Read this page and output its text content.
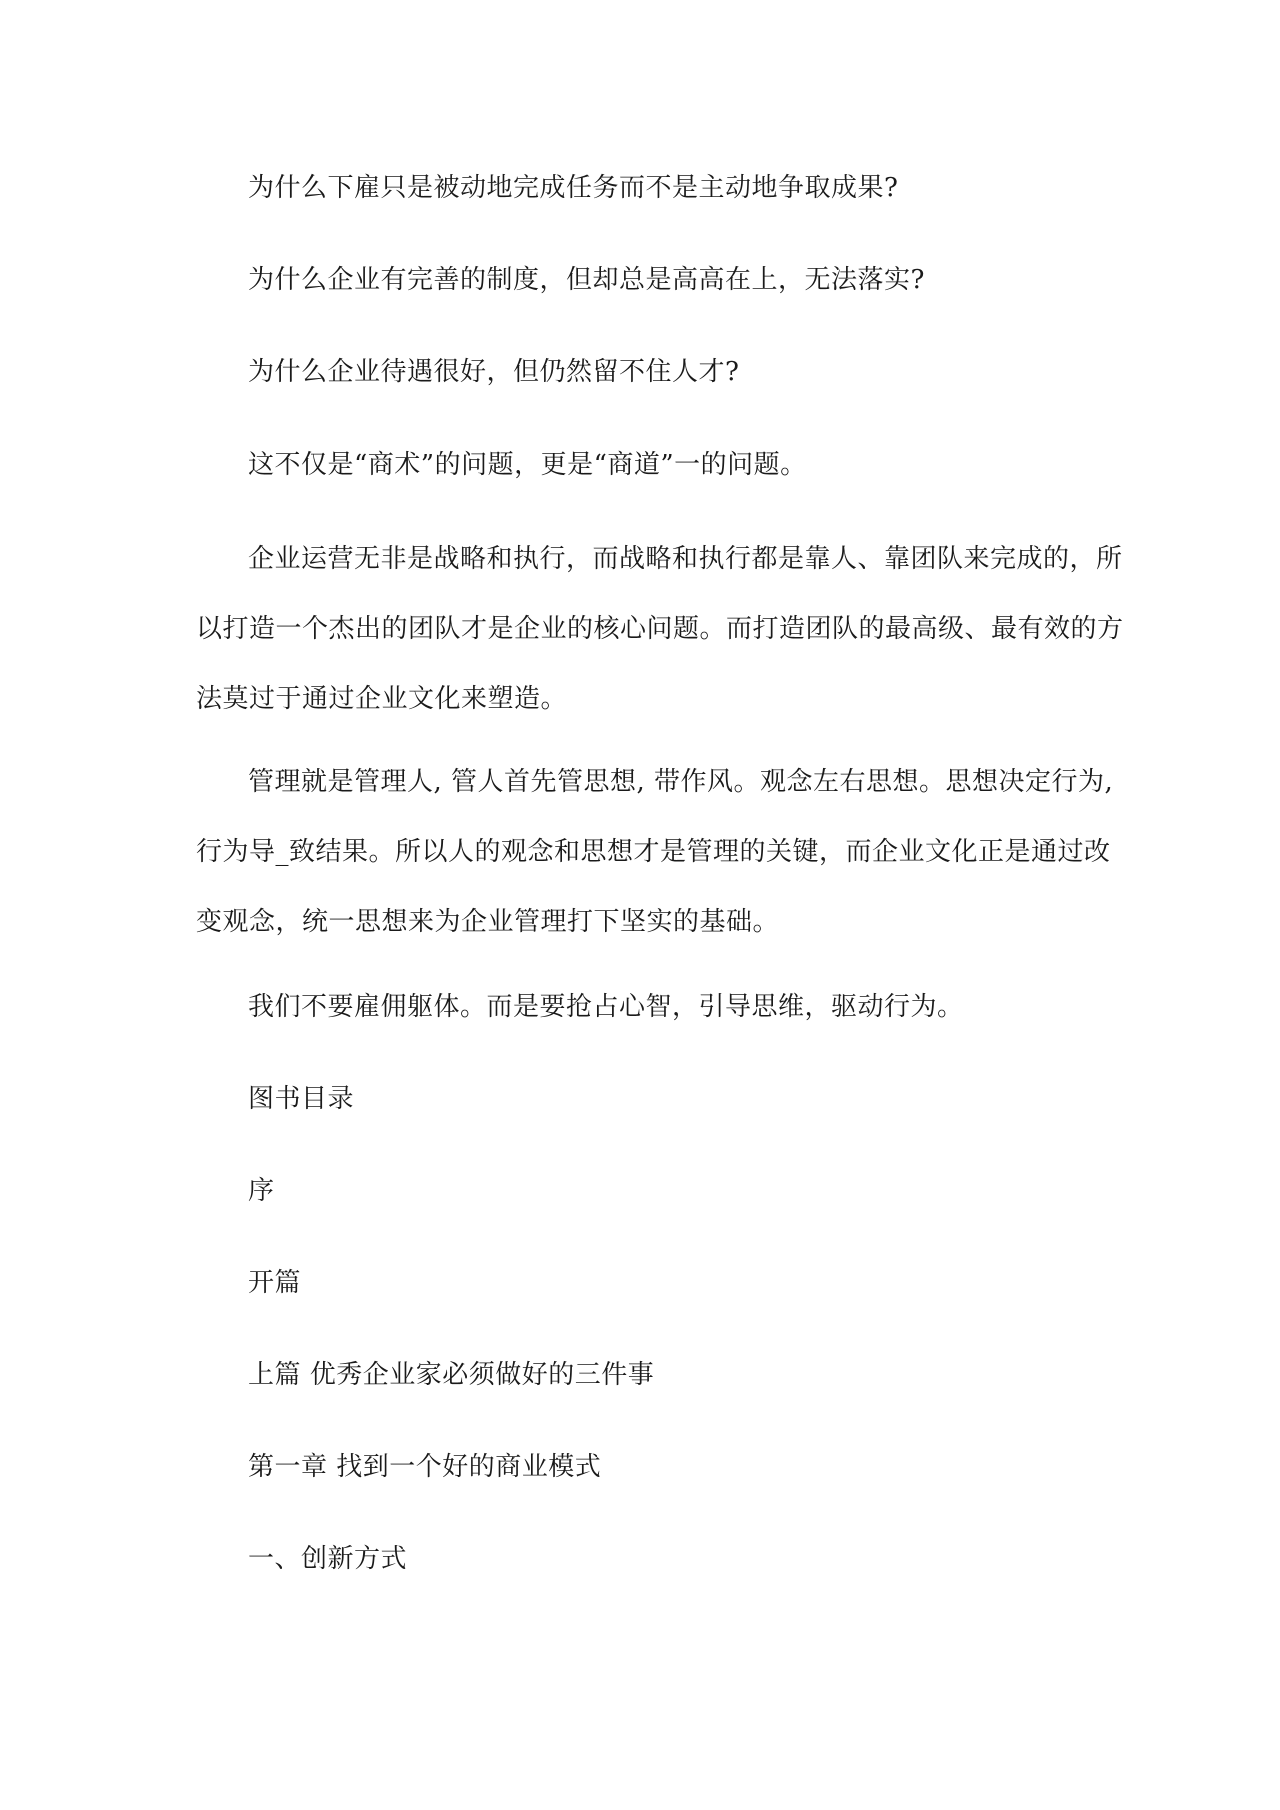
为什么下雇只是被动地完成任务而不是主动地争取成果?
为什么企业有完善的制度，但却总是高高在上，无法落实?
为什么企业待遇很好，但仍然留不住人才?
这不仅是“商术”的问题，更是“商道”一的问题。
企业运营无非是战略和执行，而战略和执行都是靠人、靠团队来完成的，所
以打造一个杰出的团队才是企业的核心问题。而打造团队的最高级、最有效的方
法莫过于通过企业文化来塑造。
管理就是管理人, 管人首先管思想, 带作风。观念左右思想。思想决定行为,
行为导_致结果。所以人的观念和思想才是管理的关键，而企业文化正是通过改
变观念，统一思想来为企业管理打下坚实的基础。
我们不要雇佣躯体。而是要抢占心智，引导思维，驱动行为。
图书目录
序
开篇
上篇 优秀企业家必须做好的三件事
第一章 找到一个好的商业模式
一、创新方式
